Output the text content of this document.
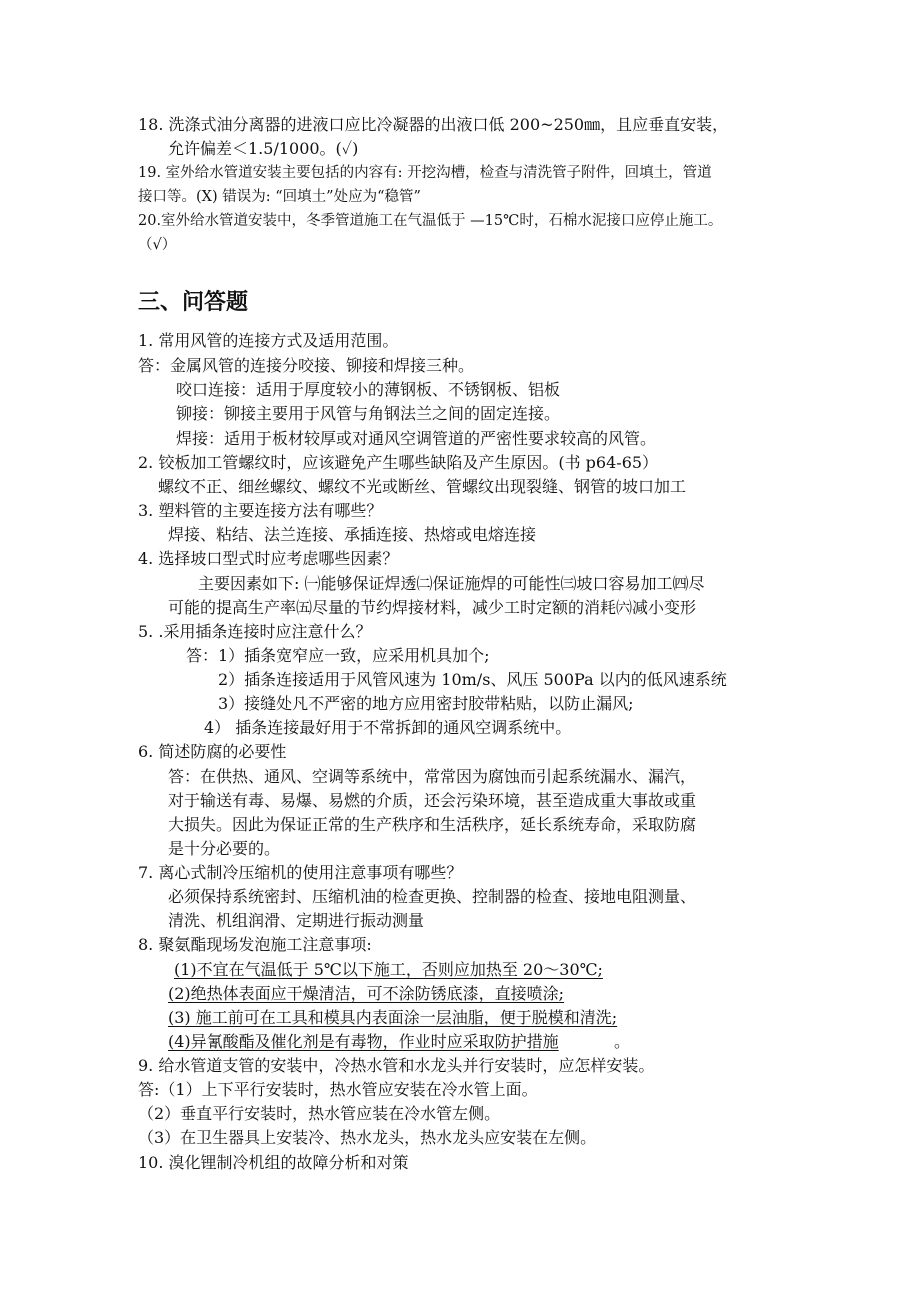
18. 洗涤式油分离器的进液口应比冷凝器的出液口低 200~250㎜，且应垂直安装，
允许偏差＜1.5/1000。(✓)
19. 室外给水管道安装主要包括的内容有: 开挖沟槽，检查与清洗管子附件，回填土，管道
接口等。(X) 错误为: “回填土”处应为“稳管”
20.室外给水管道安装中，冬季管道施工在气温低于 —15℃时，石棉水泥接口应停止施工。
（√）
三、问答题
1. 常用风管的连接方式及适用范围。
答：金属风管的连接分咬接、铆接和焊接三种。
咬口连接：适用于厚度较小的薄钢板、不锈钢板、铝板
铆接：铆接主要用于风管与角钢法兰之间的固定连接。
焊接：适用于板材较厚或对通风空调管道的严密性要求较高的风管。
2. 铰板加工管螺纹时，应该避免产生哪些缺陷及产生原因。(书 p64-65）
螺纹不正、细丝螺纹、螺纹不光或断丝、管螺纹出现裂缝、钢管的坡口加工
3. 塑料管的主要连接方法有哪些？
焊接、粘结、法兰连接、承插连接、热熔或电熔连接
4. 选择坡口型式时应考虑哪些因素？
主要因素如下: ㈠能够保证焊透㈡保证施焊的可能性㈢坡口容易加工㈣尽
可能的提高生产率㈤尽量的节约焊接材料，减少工时定额的消耗㈥减小变形
5. .采用插条连接时应注意什么？
答：1）插条宽窄应一致，应采用机具加个;
2）插条连接适用于风管风速为 10m/s、风压 500Pa 以内的低风速系统
3）接缝处凡不严密的地方应用密封胶带粘贴，以防止漏风;
4） 插条连接最好用于不常拆卸的通风空调系统中。
6. 简述防腐的必要性
答：在供热、通风、空调等系统中，常常因为腐蚀而引起系统漏水、漏汽，
对于输送有毒、易爆、易燃的介质，还会污染环境，甚至造成重大事故或重
大损失。因此为保证正常的生产秩序和生活秩序，延长系统寿命，采取防腐
是十分必要的。
7. 离心式制冷压缩机的使用注意事项有哪些？
必须保持系统密封、压缩机油的检查更换、控制器的检查、接地电阻测量、
清洗、机组润滑、定期进行振动测量
8. 聚氨酯现场发泡施工注意事项:
(1)不宜在气温低于 5℃以下施工，否则应加热至 20～30℃;
(2)绝热体表面应干燥清洁，可不涂防锈底漆，直接喷涂;
(3) 施工前可在工具和模具内表面涂一层油脂，便于脱模和清洗;
(4)异氰酸酯及催化剂是有毒物，作业时应采取防护措施	。
9. 给水管道支管的安装中，冷热水管和水龙头并行安装时，应怎样安装。
答:（1）上下平行安装时，热水管应安装在冷水管上面。
（2）垂直平行安装时，热水管应装在冷水管左侧。
（3）在卫生器具上安装冷、热水龙头，热水龙头应安装在左侧。
10. 溴化锂制冷机组的故障分析和对策
